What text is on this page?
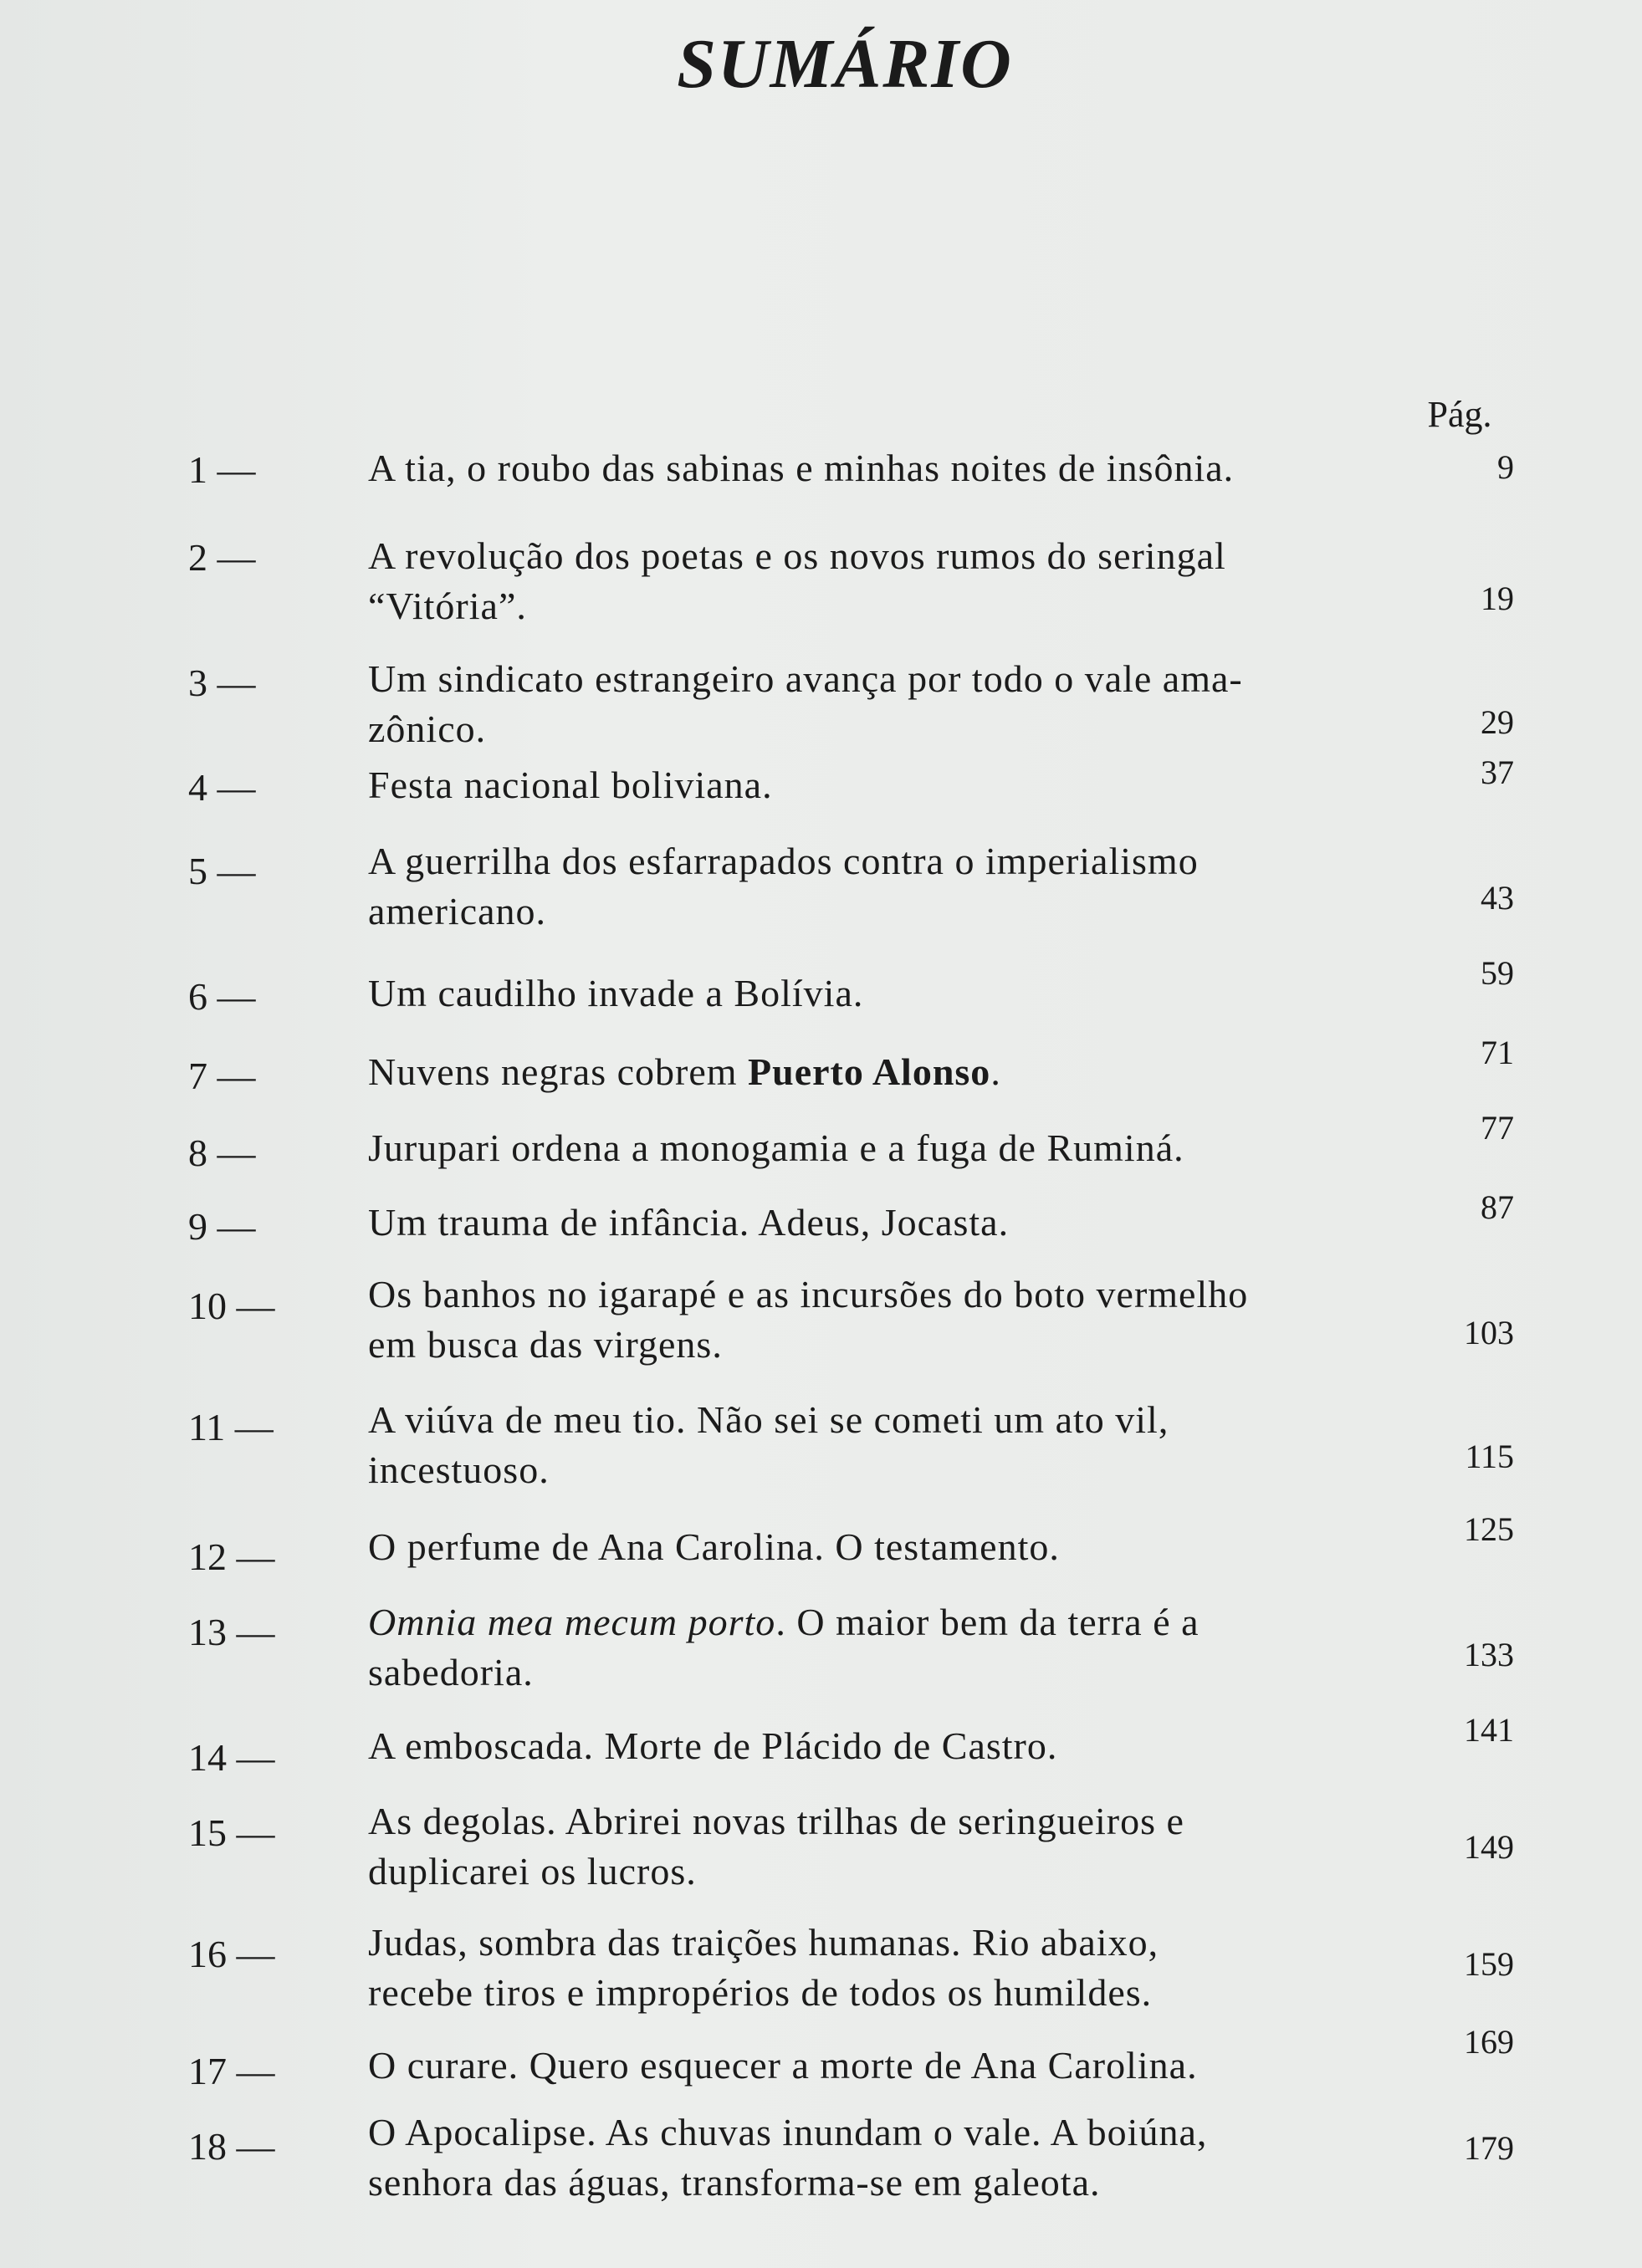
SUMÁRIO
Pág.
1 —	A tia, o roubo das sabinas e minhas noites de insônia.	9
2 —	A revolução dos poetas e os novos rumos do seringal
“Vitória”.	19
3 —	Um sindicato estrangeiro avança por todo o vale ama-
zônico.	29
4 —	Festa nacional boliviana.	37
5 —	A guerrilha dos esfarrapados contra o imperialismo
americano.	43
6 —	Um caudilho invade a Bolívia.	59
7 —	Nuvens negras cobrem Puerto Alonso.	71
8 —	Jurupari ordena a monogamia e a fuga de Ruminá.	77
9 —	Um trauma de infância. Adeus, Jocasta.	87
10 — Os banhos no igarapé e as incursões do boto vermelho
em busca das virgens.	103
11 — A viúva de meu tio. Não sei se cometi um ato vil,
incestuoso.	115
12 — O perfume de Ana Carolina. O testamento.	125
13 — Omnia mea mecum porto. O maior bem da terra é a
sabedoria.	133
14 — A emboscada. Morte de Plácido de Castro.	141
15 — As degolas. Abrirei novas trilhas de seringueiros e
duplicarei os lucros.
149
16 — Judas, sombra das traições humanas. Rio abaixo,
recebe tiros e impropérios de todos os humildes.
159
17 — O curare. Quero esquecer a morte de Ana Carolina.
169
18 — O Apocalipse. As chuvas inundam o vale. A boiúna,
senhora das águas, transforma-se em galeota.
179
